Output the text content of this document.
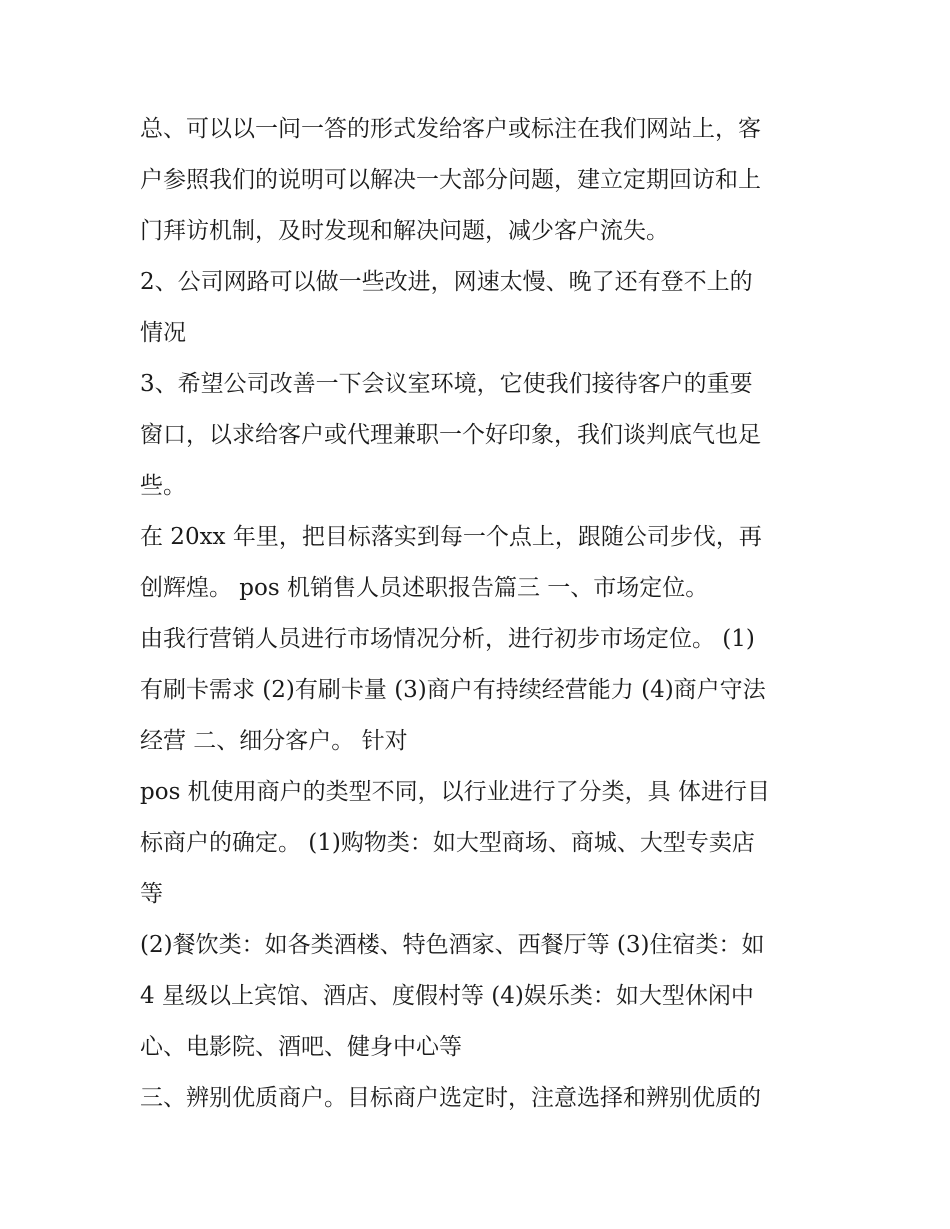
总、可以以一问一答的形式发给客户或标注在我们网站上，客
户参照我们的说明可以解决一大部分问题，建立定期回访和上
门拜访机制，及时发现和解决问题，减少客户流失。
2、公司网路可以做一些改进，网速太慢、晚了还有登不上的
情况
3、希望公司改善一下会议室环境，它使我们接待客户的重要
窗口，以求给客户或代理兼职一个好印象，我们谈判底气也足
些。
在 20xx 年里，把目标落实到每一个点上，跟随公司步伐，再
创辉煌。 pos 机销售人员述职报告篇三 一、市场定位。
由我行营销人员进行市场情况分析，进行初步市场定位。 (1)
有刷卡需求 (2)有刷卡量 (3)商户有持续经营能力 (4)商户守法
经营 二、细分客户。 针对
pos 机使用商户的类型不同，以行业进行了分类，具 体进行目
标商户的确定。 (1)购物类：如大型商场、商城、大型专卖店
等
(2)餐饮类：如各类酒楼、特色酒家、西餐厅等 (3)住宿类：如
4 星级以上宾馆、酒店、度假村等 (4)娱乐类：如大型休闲中
心、电影院、酒吧、健身中心等
三、辨别优质商户。目标商户选定时，注意选择和辨别优质的
